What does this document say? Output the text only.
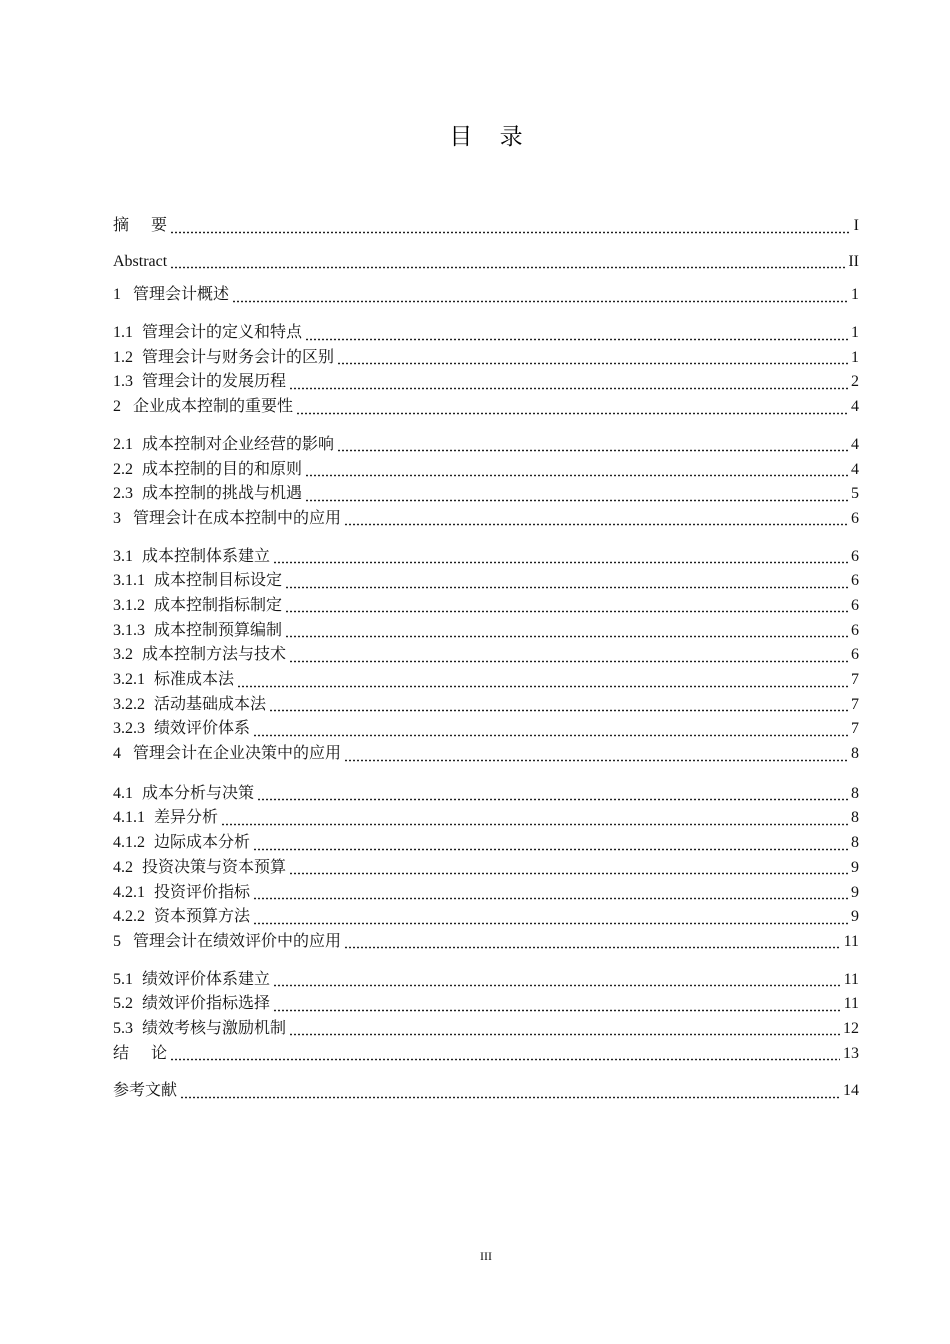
目 录
摘 要	I
Abstract	II
1 管理会计概述	1
1.1 管理会计的定义和特点	1
1.2 管理会计与财务会计的区别	1
1.3 管理会计的发展历程	2
2 企业成本控制的重要性	4
2.1 成本控制对企业经营的影响	4
2.2 成本控制的目的和原则	4
2.3 成本控制的挑战与机遇	5
3 管理会计在成本控制中的应用	6
3.1 成本控制体系建立	6
3.1.1 成本控制目标设定	6
3.1.2 成本控制指标制定	6
3.1.3 成本控制预算编制	6
3.2 成本控制方法与技术	6
3.2.1 标准成本法	7
3.2.2 活动基础成本法	7
3.2.3 绩效评价体系	7
4 管理会计在企业决策中的应用	8
4.1 成本分析与决策	8
4.1.1 差异分析	8
4.1.2 边际成本分析	8
4.2 投资决策与资本预算	9
4.2.1 投资评价指标	9
4.2.2 资本预算方法	9
5 管理会计在绩效评价中的应用	11
5.1 绩效评价体系建立	11
5.2 绩效评价指标选择	11
5.3 绩效考核与激励机制	12
结 论	13
参考文献	14
III
